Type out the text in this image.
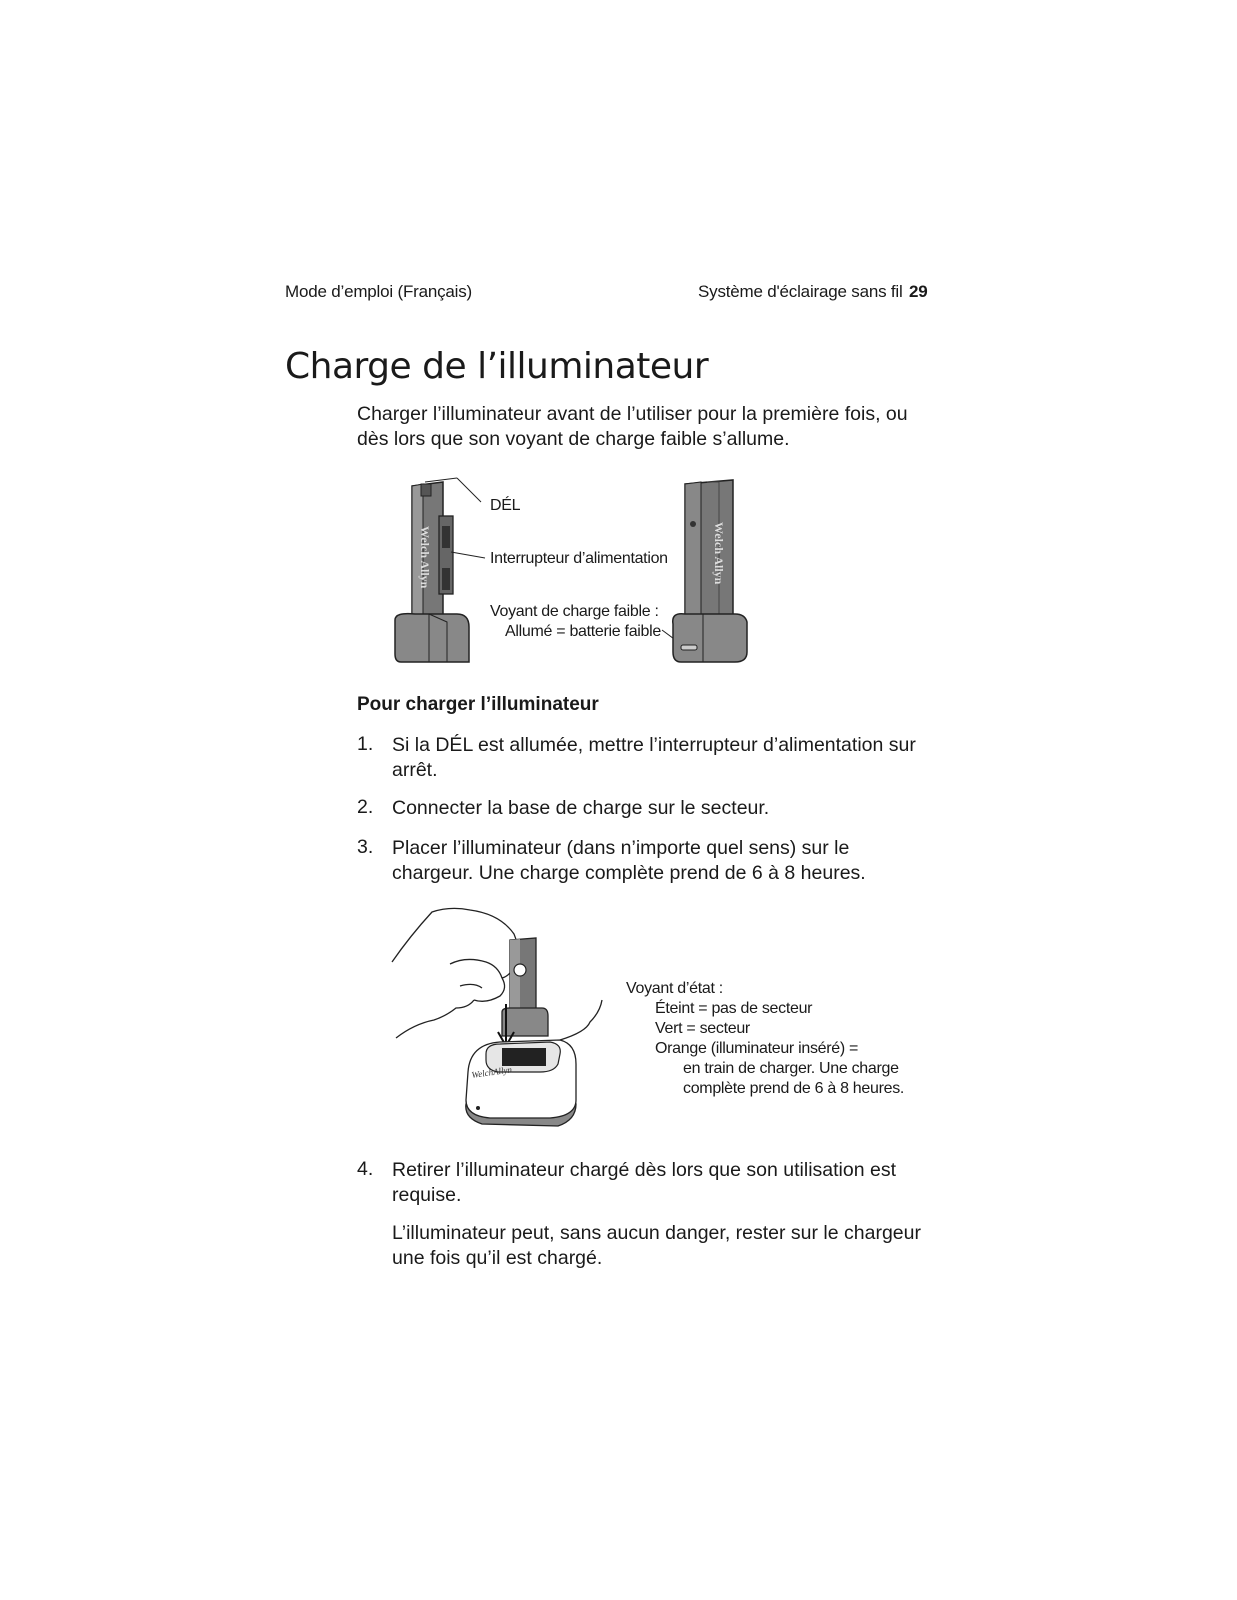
Mode d’emploi (Français)	Système d'éclairage sans fil 29
Charge de l’illuminateur
Charger l’illuminateur avant de l’utiliser pour la première fois, ou dès lors que son voyant de charge faible s’allume.
Welch Allyn	Welch Allyn
DÉL
Interrupteur d’alimentation
Voyant de charge faible :
Allumé = batterie faible
Pour charger l’illuminateur
1. Si la DÉL est allumée, mettre l’interrupteur d’alimentation sur arrêt.
2. Connecter la base de charge sur le secteur.
3. Placer l’illuminateur (dans n’importe quel sens) sur le chargeur. Une charge complète prend de 6 à 8 heures.
WelchAllyn
Voyant d’état :
Éteint = pas de secteur
Vert = secteur
Orange (illuminateur inséré) =
en train de charger. Une charge
complète prend de 6 à 8 heures.
4. Retirer l’illuminateur chargé dès lors que son utilisation est requise.
L’illuminateur peut, sans aucun danger, rester sur le chargeur une fois qu’il est chargé.
